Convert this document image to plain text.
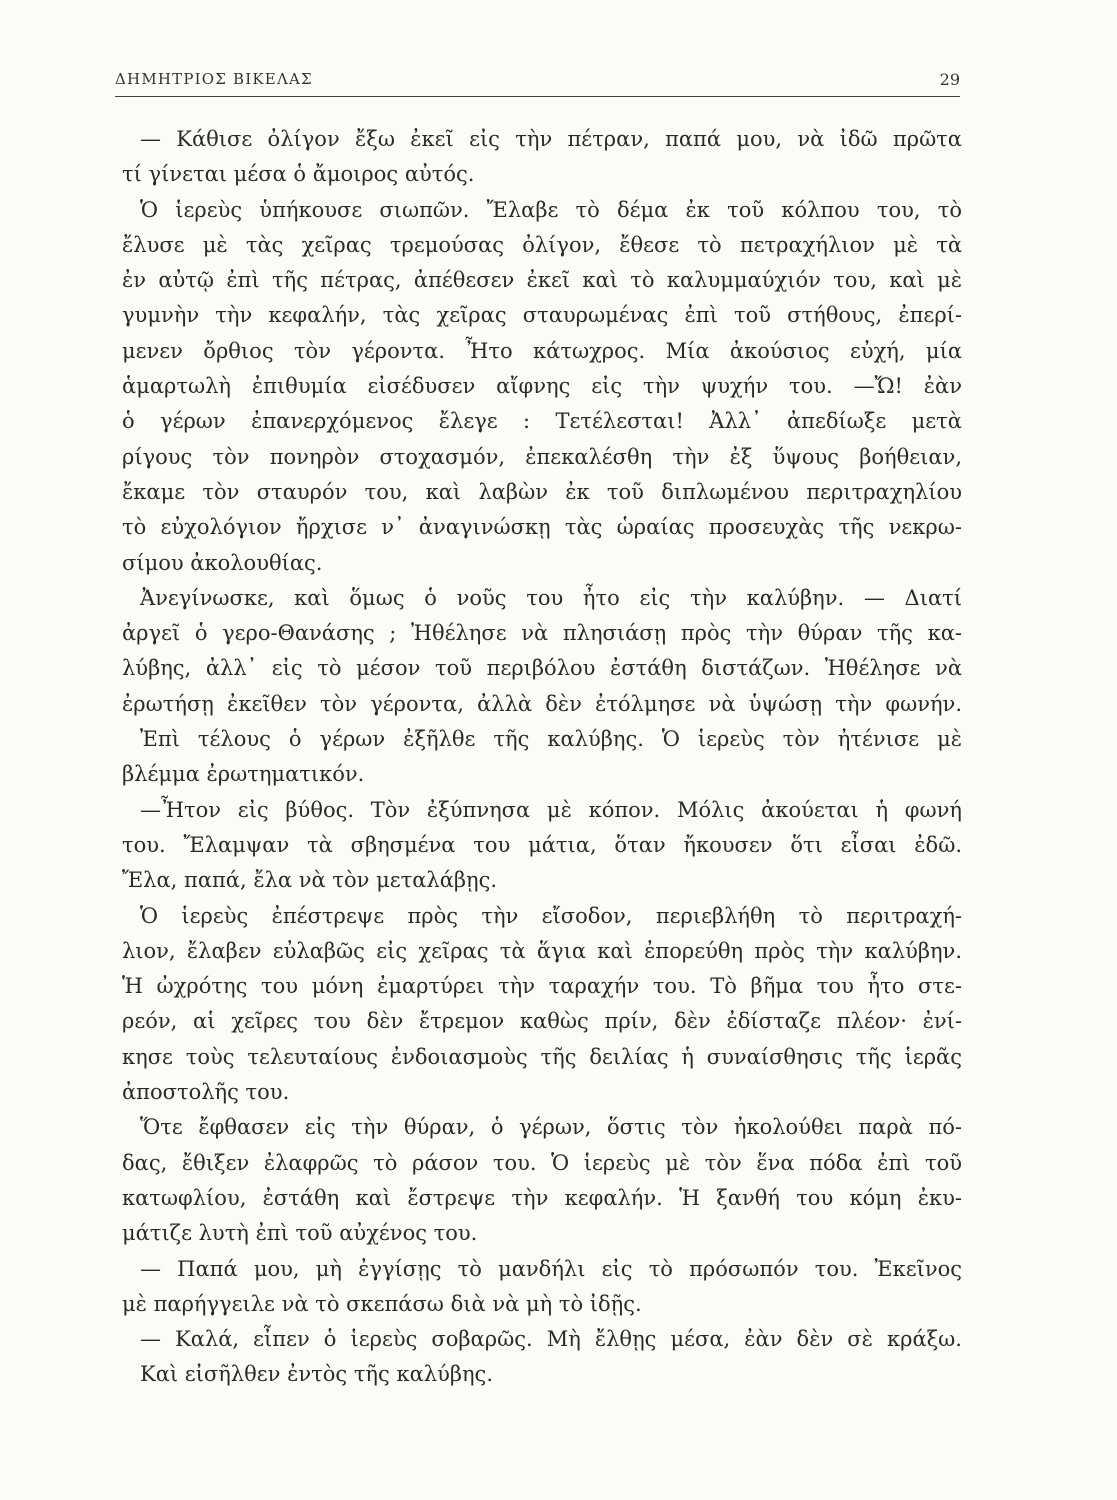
ΔΗΜΗΤΡΙΟΣ ΒΙΚΕΛΑΣ	29
— Κάθισε ὀλίγον ἔξω ἐκεῖ εἰς τὴν πέτραν, παπά μου, νὰ ἰδῶ πρῶτα
τί γίνεται μέσα ὁ ἄμοιρος αὐτός.
Ὁ ἱερεὺς ὑπήκουσε σιωπῶν. Ἔλαβε τὸ δέμα ἐκ τοῦ κόλπου του, τὸ
ἔλυσε μὲ τὰς χεῖρας τρεμούσας ὀλίγον, ἔθεσε τὸ πετραχήλιον μὲ τὰ
ἐν αὐτῷ ἐπὶ τῆς πέτρας, ἀπέθεσεν ἐκεῖ καὶ τὸ καλυμμαύχιόν του, καὶ μὲ
γυμνὴν τὴν κεφαλήν, τὰς χεῖρας σταυρωμένας ἐπὶ τοῦ στήθους, ἐπερί-
μενεν ὄρθιος τὸν γέροντα. Ἦτο κάτωχρος. Μία ἀκούσιος εὐχή, μία
ἁμαρτωλὴ ἐπιθυμία εἰσέδυσεν αἴφνης εἰς τὴν ψυχήν του. —Ὤ! ἐὰν
ὁ γέρων ἐπανερχόμενος ἔλεγε : Τετέλεσται! Ἀλλ᾽ ἀπεδίωξε μετὰ
ρίγους τὸν πονηρὸν στοχασμόν, ἐπεκαλέσθη τὴν ἐξ ὕψους βοήθειαν,
ἔκαμε τὸν σταυρόν του, καὶ λαβὼν ἐκ τοῦ διπλωμένου περιτραχηλίου
τὸ εὐχολόγιον ἤρχισε ν᾽ ἀναγινώσκῃ τὰς ὡραίας προσευχὰς τῆς νεκρω-
σίμου ἀκολουθίας.
Ἀνεγίνωσκε, καὶ ὅμως ὁ νοῦς του ἦτο εἰς τὴν καλύβην. — Διατί
ἀργεῖ ὁ γερο-Θανάσης ; Ἠθέλησε νὰ πλησιάσῃ πρὸς τὴν θύραν τῆς κα-
λύβης, ἀλλ᾽ εἰς τὸ μέσον τοῦ περιβόλου ἐστάθη διστάζων. Ἠθέλησε νὰ
ἐρωτήσῃ ἐκεῖθεν τὸν γέροντα, ἀλλὰ δὲν ἐτόλμησε νὰ ὑψώσῃ τὴν φωνήν.
Ἐπὶ τέλους ὁ γέρων ἐξῆλθε τῆς καλύβης. Ὁ ἱερεὺς τὸν ἠτένισε μὲ
βλέμμα ἐρωτηματικόν.
—Ἦτον εἰς βύθος. Τὸν ἐξύπνησα μὲ κόπον. Μόλις ἀκούεται ἡ φωνή
του. Ἔλαμψαν τὰ σβησμένα του μάτια, ὅταν ἤκουσεν ὅτι εἶσαι ἐδῶ.
Ἔλα, παπά, ἔλα νὰ τὸν μεταλάβῃς.
Ὁ ἱερεὺς ἐπέστρεψε πρὸς τὴν εἴσοδον, περιεβλήθη τὸ περιτραχή-
λιον, ἔλαβεν εὐλαβῶς εἰς χεῖρας τὰ ἅγια καὶ ἐπορεύθη πρὸς τὴν καλύβην.
Ἡ ὠχρότης του μόνη ἐμαρτύρει τὴν ταραχήν του. Τὸ βῆμα του ἦτο στε-
ρεόν, αἱ χεῖρες του δὲν ἔτρεμον καθὼς πρίν, δὲν ἐδίσταζε πλέον· ἐνί-
κησε τοὺς τελευταίους ἐνδοιασμοὺς τῆς δειλίας ἡ συναίσθησις τῆς ἱερᾶς
ἀποστολῆς του.
Ὅτε ἔφθασεν εἰς τὴν θύραν, ὁ γέρων, ὅστις τὸν ἠκολούθει παρὰ πό-
δας, ἔθιξεν ἐλαφρῶς τὸ ράσον του. Ὁ ἱερεὺς μὲ τὸν ἕνα πόδα ἐπὶ τοῦ
κατωφλίου, ἐστάθη καὶ ἔστρεψε τὴν κεφαλήν. Ἡ ξανθή του κόμη ἐκυ-
μάτιζε λυτὴ ἐπὶ τοῦ αὐχένος του.
— Παπά μου, μὴ ἐγγίσῃς τὸ μανδήλι εἰς τὸ πρόσωπόν του. Ἐκεῖνος
μὲ παρήγγειλε νὰ τὸ σκεπάσω διὰ νὰ μὴ τὸ ἰδῇς.
— Καλά, εἶπεν ὁ ἱερεὺς σοβαρῶς. Μὴ ἔλθῃς μέσα, ἐὰν δὲν σὲ κράξω.
Καὶ εἰσῆλθεν ἐντὸς τῆς καλύβης.
